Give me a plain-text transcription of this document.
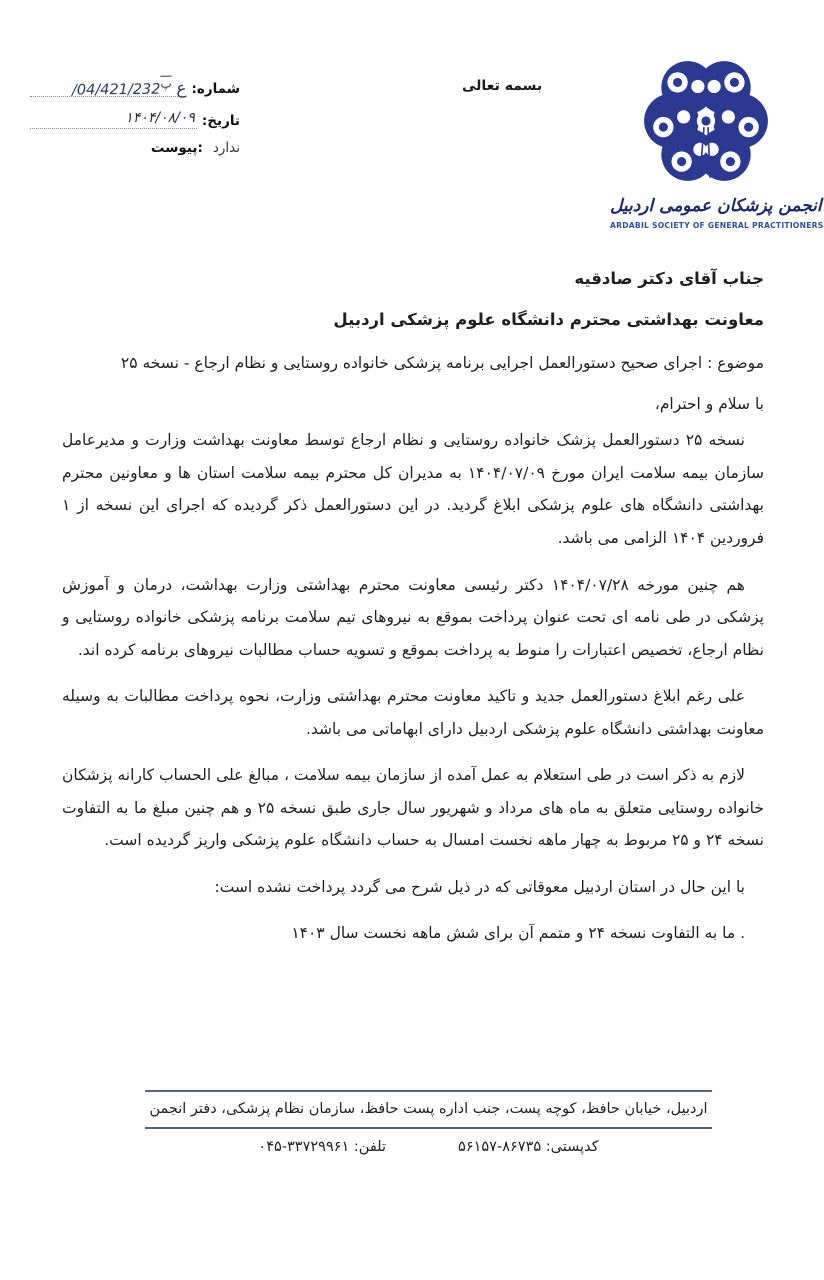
/04/421/232 ع $^پ$	شماره:
۱۴۰۴/۰۸/۰۹ تاریخ:
پیوست: ندارد
بسمه تعالی
انجمن پزشکان عمومی اردبیل
ARDABIL SOCIETY OF GENERAL PRACTITIONERS

جناب آقای دکتر صادقیه

معاونت بهداشتی محترم دانشگاه علوم پزشکی اردبیل

موضوع : اجرای صحیح دستورالعمل اجرایی برنامه پزشکی خانواده روستایی و نظام ارجاع - نسخه ۲۵

با سلام و احترام،

نسخه ۲۵ دستورالعمل پزشک خانواده روستایی و نظام ارجاع توسط معاونت بهداشت وزارت و مدیرعامل سازمان بیمه سلامت ایران مورخ ۱۴۰۴/۰۷/۰۹ به مدیران کل محترم بیمه سلامت استان ها و معاونین محترم بهداشتی دانشگاه های علوم پزشکی ابلاغ گردید. در این دستورالعمل ذکر گردیده که اجرای این نسخه از ۱ فروردین ۱۴۰۴ الزامی می باشد.

هم چنین مورخه ۱۴۰۴/۰۷/۲۸ دکتر رئیسی معاونت محترم بهداشتی وزارت بهداشت، درمان و آموزش پزشکی در طی نامه ای تحت عنوان پرداخت بموقع به نیروهای تیم سلامت برنامه پزشکی خانواده روستایی و نظام ارجاع، تخصیص اعتبارات را منوط به پرداخت بموقع و تسویه حساب مطالبات نیروهای برنامه کرده اند.

علی رغم ابلاغ دستورالعمل جدید و تاکید معاونت محترم بهداشتی وزارت، نحوه پرداخت مطالبات به وسیله معاونت بهداشتی دانشگاه علوم پزشکی اردبیل دارای ابهاماتی می باشد.

لازم به ذکر است در طی استعلام به عمل آمده از سازمان بیمه سلامت ، مبالغ علی الحساب کارانه پزشکان خانواده روستایی متعلق به ماه های مرداد و شهریور سال جاری طبق نسخه ۲۵ و هم چنین مبلغ ما به التفاوت نسخه ۲۴ و ۲۵ مربوط به چهار ماهه نخست امسال به حساب دانشگاه علوم پزشکی واریز گردیده است.

با این حال در استان اردبیل معوقاتی که در ذیل شرح می گردد پرداخت نشده است:

. ما به التفاوت نسخه ۲۴ و متمم آن برای شش ماهه نخست سال ۱۴۰۳

اردبیل، خیابان حافظ، کوچه پست، جنب اداره پست حافظ، سازمان نظام پزشکی، دفتر انجمن
کدپستی: ۵۶۱۵۷-۸۶۷۳۵
تلفن: ۰۴۵-۳۳۷۲۹۹۶۱
